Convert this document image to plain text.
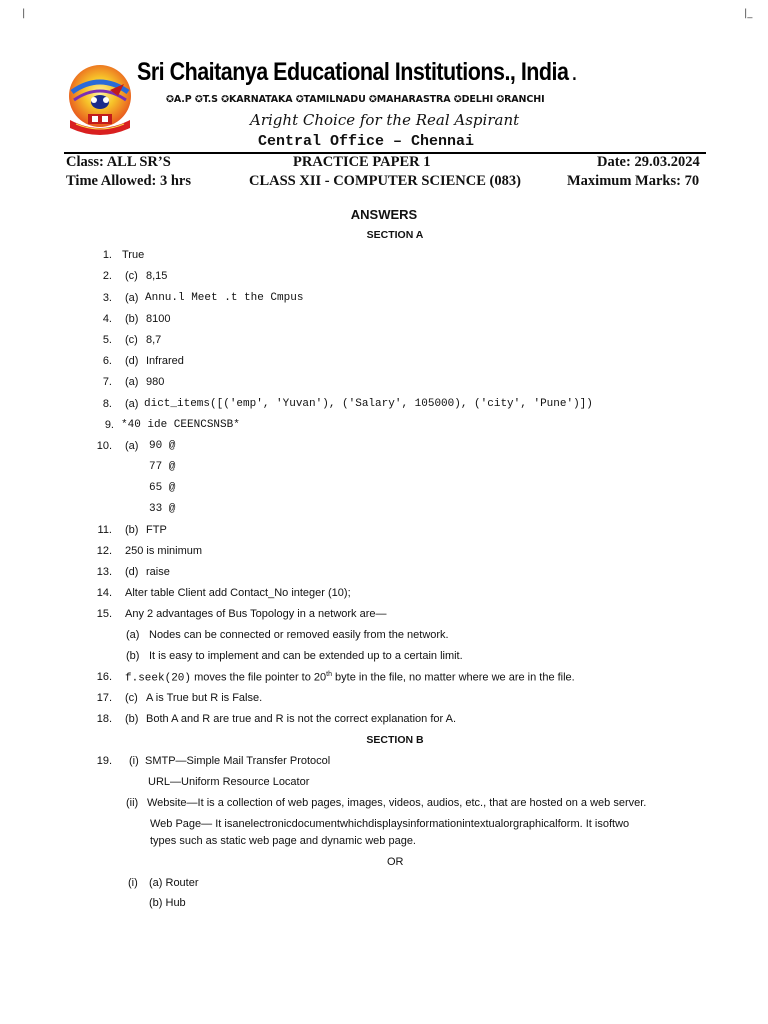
|	|_
Sri Chaitanya Educational Institutions., India .
✪A.P ✪T.S ✪KARNATAKA ✪TAMILNADU ✪MAHARASTRA ✪DELHI ✪RANCHI
Aright Choice for the Real Aspirant
Central Office – Chennai
Class: ALL SR’S	PRACTICE PAPER 1	Date: 29.03.2024
Time Allowed: 3 hrs	CLASS XII - COMPUTER SCIENCE (083)	Maximum Marks: 70
ANSWERS
SECTION A
1. True
2. (c) 8,15
3. (a) Annu.l Meet .t the Cmpus
4. (b) 8100
5. (c) 8,7
6. (d) Infrared
7. (a) 980
8. (a) dict_items([('emp', 'Yuvan'), ('Salary', 105000), ('city', 'Pune')])
9. *40 ide CEENCSNSB*
10. (a) 90 @
77 @
65 @
33 @
11. (b) FTP
12. 250 is minimum
13. (d) raise
14. Alter table Client add Contact_No integer (10);
15. Any 2 advantages of Bus Topology in a network are—
(a) Nodes can be connected or removed easily from the network.
(b) It is easy to implement and can be extended up to a certain limit.
16. f.seek(20) moves the file pointer to 20th byte in the file, no matter where we are in the file.
17. (c) A is True but R is False.
18. (b) Both A and R are true and R is not the correct explanation for A.
SECTION B
19. (i) SMTP—Simple Mail Transfer Protocol
URL—Uniform Resource Locator
(ii) Website—It is a collection of web pages, images, videos, audios, etc., that are hosted on a web server.
Web Page— It isanelectronicdocumentwhichdisplaysinformationintextualorgraphicalform. It isoftwo
types such as static web page and dynamic web page.
OR
(i) (a) Router
(b) Hub
